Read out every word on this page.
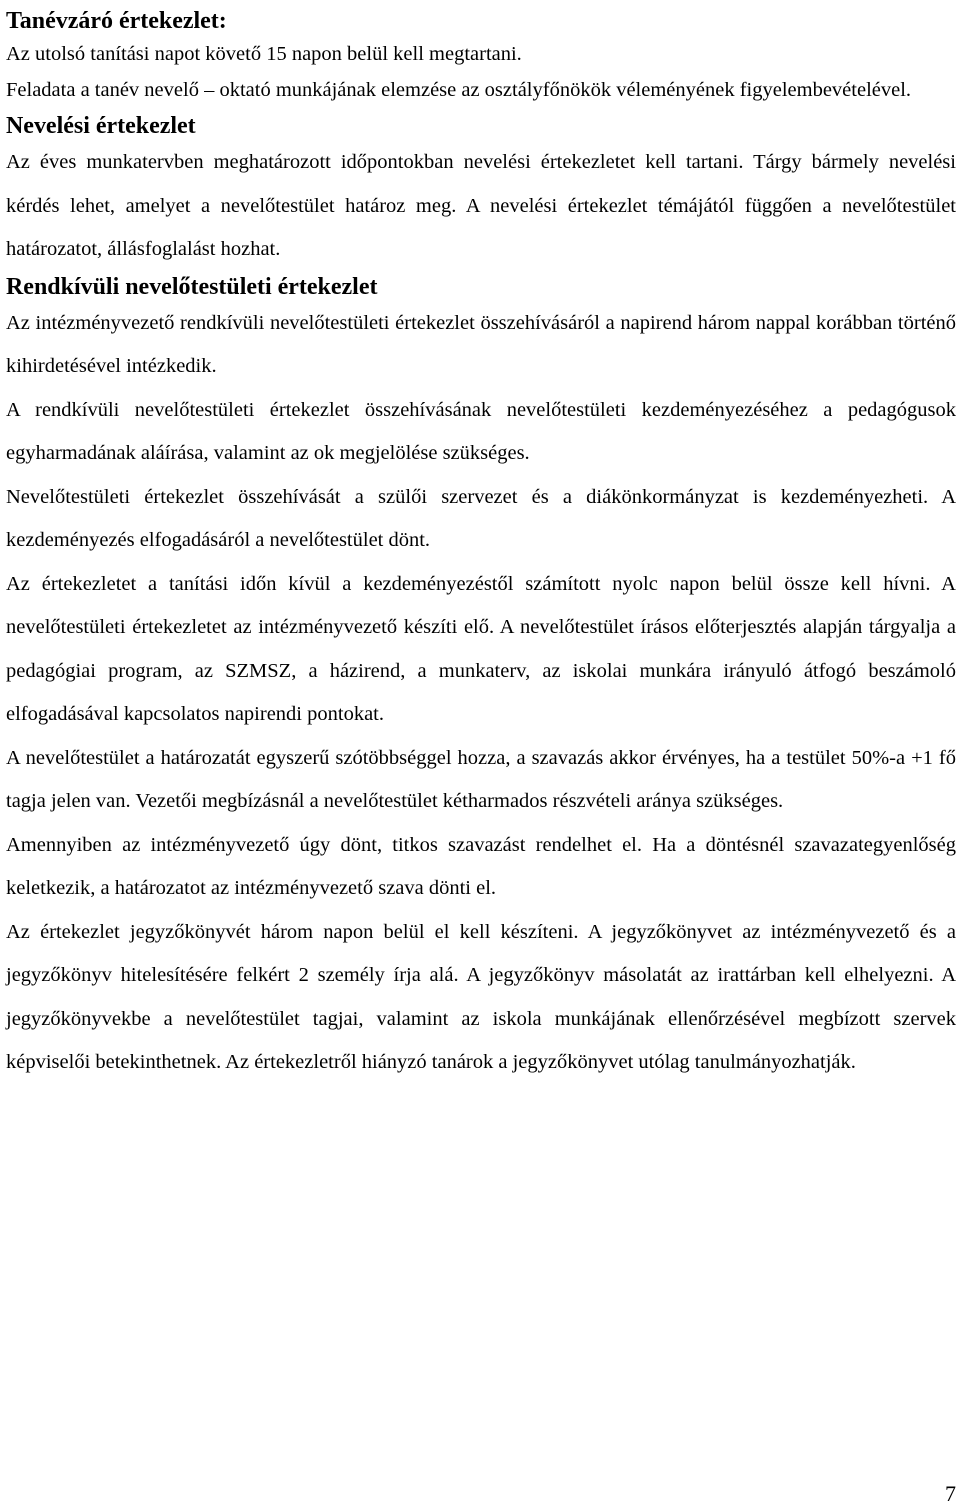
Tanévzáró értekezlet:

Az utolsó tanítási napot követő 15 napon belül kell megtartani.

Feladata a tanév nevelő – oktató munkájának elemzése az osztályfőnökök véleményének figyelembevételével.

Nevelési értekezlet

Az éves munkatervben meghatározott időpontokban nevelési értekezletet kell tartani. Tárgy bármely nevelési kérdés lehet, amelyet a nevelőtestület határoz meg. A nevelési értekezlet témájától függően a nevelőtestület határozatot, állásfoglalást hozhat.

Rendkívüli nevelőtestületi értekezlet

Az intézményvezető rendkívüli nevelőtestületi értekezlet összehívásáról a napirend három nappal korábban történő kihirdetésével intézkedik.

A rendkívüli nevelőtestületi értekezlet összehívásának nevelőtestületi kezdeményezéséhez a pedagógusok egyharmadának aláírása, valamint az ok megjelölése szükséges.

Nevelőtestületi értekezlet összehívását a szülői szervezet és a diákönkormányzat is kezdeményezheti. A kezdeményezés elfogadásáról a nevelőtestület dönt.

Az értekezletet a tanítási időn kívül a kezdeményezéstől számított nyolc napon belül össze kell hívni. A nevelőtestületi értekezletet az intézményvezető készíti elő. A nevelőtestület írásos előterjesztés alapján tárgyalja a pedagógiai program, az SZMSZ, a házirend, a munkaterv, az iskolai munkára irányuló átfogó beszámoló elfogadásával kapcsolatos napirendi pontokat.

A nevelőtestület a határozatát egyszerű szótöbbséggel hozza, a szavazás akkor érvényes, ha a testület 50%-a +1 fő tagja jelen van. Vezetői megbízásnál a nevelőtestület kétharmados részvételi aránya szükséges.

Amennyiben az intézményvezető úgy dönt, titkos szavazást rendelhet el. Ha a döntésnél szavazategyenlőség keletkezik, a határozatot az intézményvezető szava dönti el.

Az értekezlet jegyzőkönyvét három napon belül el kell készíteni. A jegyzőkönyvet az intézményvezető és a jegyzőkönyv hitelesítésére felkért 2 személy írja alá. A jegyzőkönyv másolatát az irattárban kell elhelyezni. A jegyzőkönyvekbe a nevelőtestület tagjai, valamint az iskola munkájának ellenőrzésével megbízott szervek képviselői betekinthetnek. Az értekezletről hiányzó tanárok a jegyzőkönyvet utólag tanulmányozhatják.

7
